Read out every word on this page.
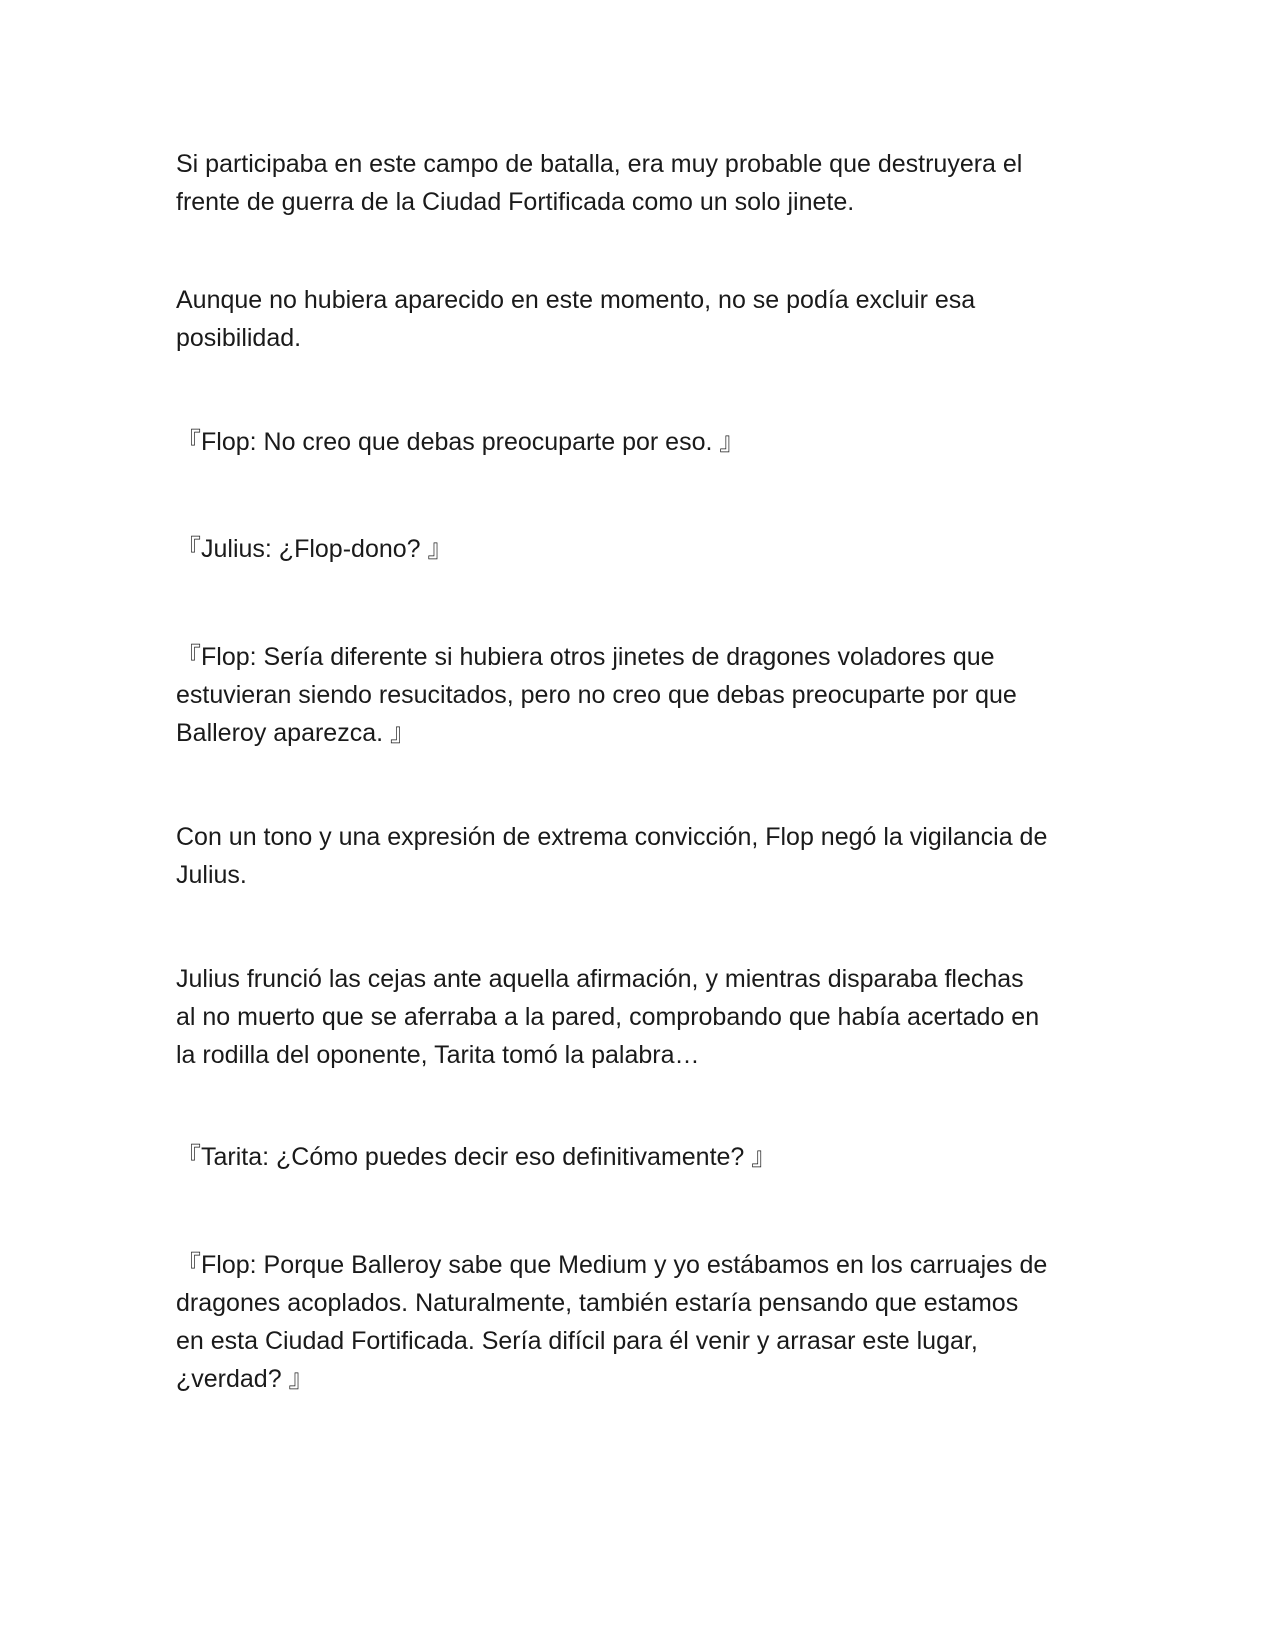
Si participaba en este campo de batalla, era muy probable que destruyera el
frente de guerra de la Ciudad Fortificada como un solo jinete.

Aunque no hubiera aparecido en este momento, no se podía excluir esa
posibilidad.

『Flop: No creo que debas preocuparte por eso. 』

『Julius: ¿Flop-dono? 』

『Flop: Sería diferente si hubiera otros jinetes de dragones voladores que
estuvieran siendo resucitados, pero no creo que debas preocuparte por que
Balleroy aparezca. 』

Con un tono y una expresión de extrema convicción, Flop negó la vigilancia de
Julius.

Julius frunció las cejas ante aquella afirmación, y mientras disparaba flechas
al no muerto que se aferraba a la pared, comprobando que había acertado en
la rodilla del oponente, Tarita tomó la palabra…

『Tarita: ¿Cómo puedes decir eso definitivamente? 』

『Flop: Porque Balleroy sabe que Medium y yo estábamos en los carruajes de
dragones acoplados. Naturalmente, también estaría pensando que estamos
en esta Ciudad Fortificada. Sería difícil para él venir y arrasar este lugar,
¿verdad? 』
